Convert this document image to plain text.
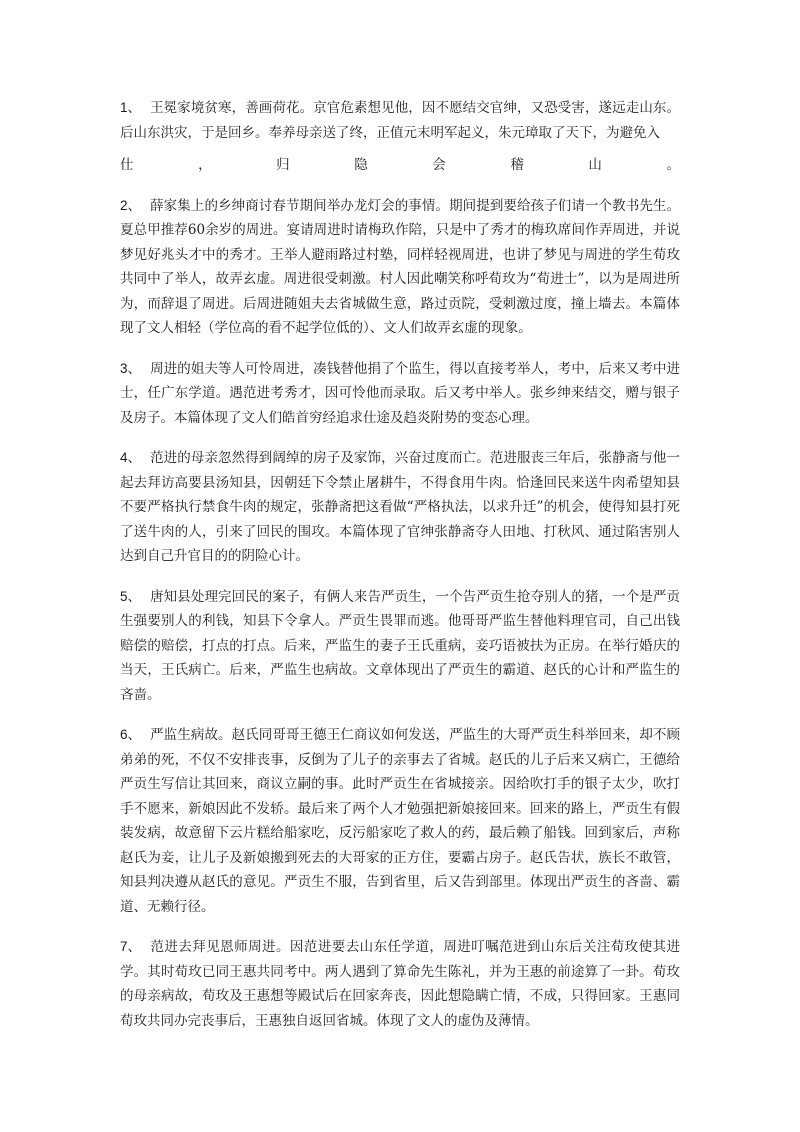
1、 王冕家境贫寒，善画荷花。京官危素想见他，因不愿结交官绅，又恐受害，遂远走山东。后山东洪灾，于是回乡。奉养母亲送了终，正值元末明军起义，朱元璋取了天下，为避免入

仕	，	归	隐	会	稽	山	。

2、 薛家集上的乡绅商讨春节期间举办龙灯会的事情。期间提到要给孩子们请一个教书先生。夏总甲推荐60余岁的周进。宴请周进时请梅玖作陪，只是中了秀才的梅玖席间作弄周进，并说梦见好兆头才中的秀才。王举人避雨路过村塾，同样轻视周进，也讲了梦见与周进的学生荀玫共同中了举人，故弄玄虚。周进很受刺激。村人因此嘲笑称呼荀玫为“荀进士”，以为是周进所为，而辞退了周进。后周进随姐夫去省城做生意，路过贡院，受刺激过度，撞上墙去。本篇体现了文人相轻（学位高的看不起学位低的）、文人们故弄玄虚的现象。

3、 周进的姐夫等人可怜周进，凑钱替他捐了个监生，得以直接考举人，考中，后来又考中进士，任广东学道。遇范进考秀才，因可怜他而录取。后又考中举人。张乡绅来结交，赠与银子及房子。本篇体现了文人们皓首穷经追求仕途及趋炎附势的变态心理。

4、 范进的母亲忽然得到阔绰的房子及家饰，兴奋过度而亡。范进服丧三年后，张静斋与他一起去拜访高要县汤知县，因朝廷下令禁止屠耕牛，不得食用牛肉。恰逢回民来送牛肉希望知县不要严格执行禁食牛肉的规定，张静斋把这看做“严格执法，以求升迁”的机会，使得知县打死了送牛肉的人，引来了回民的围攻。本篇体现了官绅张静斋夺人田地、打秋风、通过陷害别人达到自己升官目的的阴险心计。

5、 唐知县处理完回民的案子，有俩人来告严贡生，一个告严贡生抢夺别人的猪，一个是严贡生强要别人的利钱，知县下令拿人。严贡生畏罪而逃。他哥哥严监生替他料理官司，自己出钱赔偿的赔偿，打点的打点。后来，严监生的妻子王氏重病，妾巧语被扶为正房。在举行婚庆的当天，王氏病亡。后来，严监生也病故。文章体现出了严贡生的霸道、赵氏的心计和严监生的吝啬。

6、 严监生病故。赵氏同哥哥王德王仁商议如何发送，严监生的大哥严贡生科举回来，却不顾弟弟的死，不仅不安排丧事，反倒为了儿子的亲事去了省城。赵氏的儿子后来又病亡，王德给严贡生写信让其回来，商议立嗣的事。此时严贡生在省城接亲。因给吹打手的银子太少，吹打手不愿来，新娘因此不发轿。最后来了两个人才勉强把新娘接回来。回来的路上，严贡生有假装发病，故意留下云片糕给船家吃，反污船家吃了救人的药，最后赖了船钱。回到家后，声称赵氏为妾，让儿子及新娘搬到死去的大哥家的正方住，要霸占房子。赵氏告状，族长不敢管，知县判决遵从赵氏的意见。严贡生不服，告到省里，后又告到部里。体现出严贡生的吝啬、霸道、无赖行径。

7、 范进去拜见恩师周进。因范进要去山东任学道，周进叮嘱范进到山东后关注荀玫使其进学。其时荀玫已同王惠共同考中。两人遇到了算命先生陈礼，并为王惠的前途算了一卦。荀玫的母亲病故，荀玫及王惠想等殿试后在回家奔丧，因此想隐瞒亡情，不成，只得回家。王惠同荀玫共同办完丧事后，王惠独自返回省城。体现了文人的虚伪及薄情。
